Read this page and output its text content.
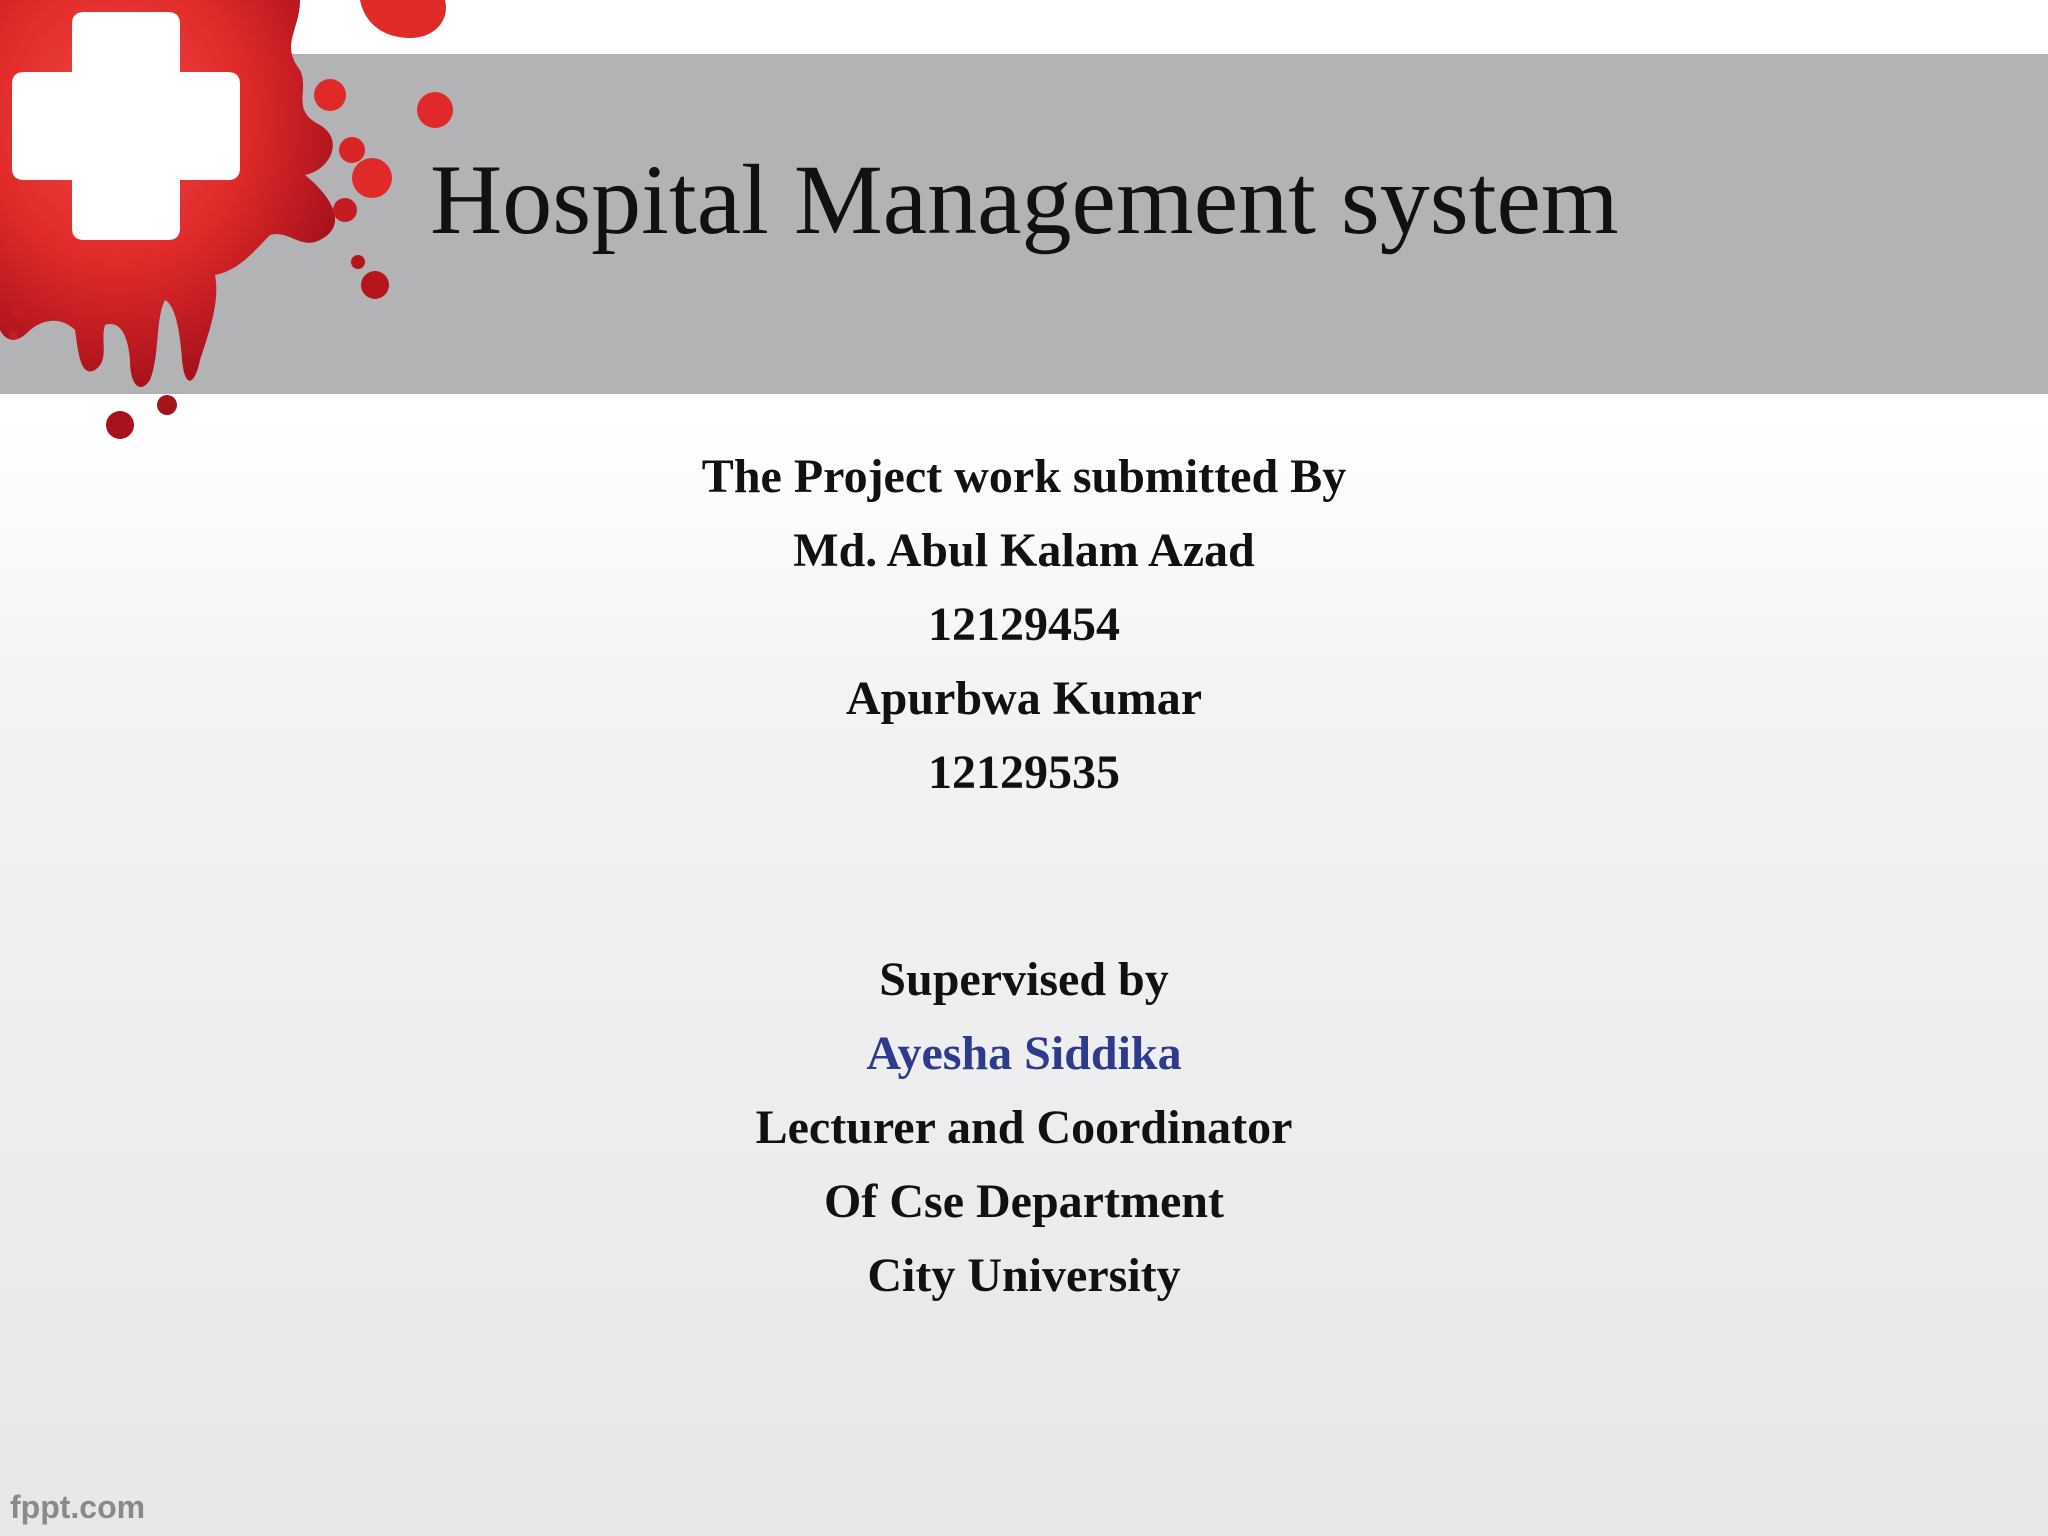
Hospital Management system
The Project work submitted By
Md. Abul Kalam Azad
12129454
Apurbwa Kumar
12129535
Supervised by
Ayesha Siddika
Lecturer and Coordinator
Of Cse Department
City University
fppt.com
